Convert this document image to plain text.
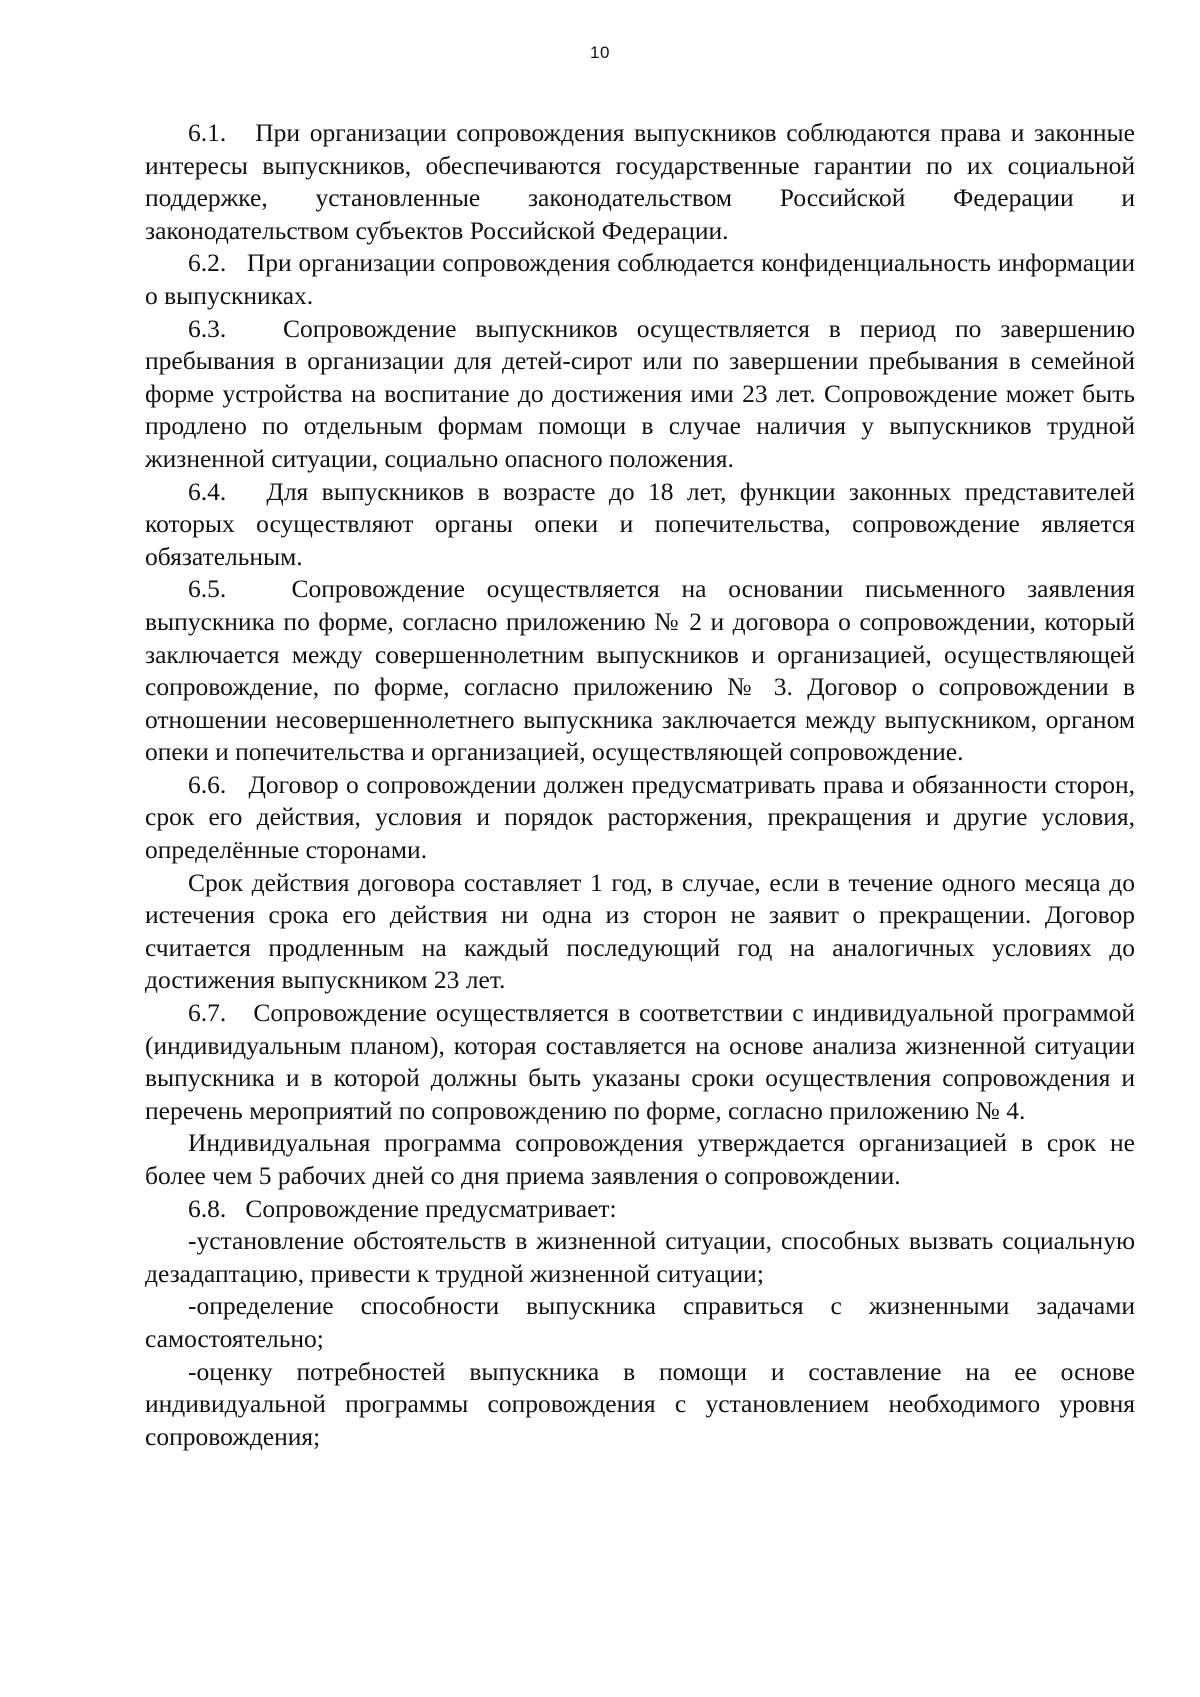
10

6.1.   При организации сопровождения выпускников соблюдаются права и законные интересы выпускников, обеспечиваются государственные гарантии по их социальной поддержке, установленные законодательством Российской Федерации и законодательством субъектов Российской Федерации.

6.2.   При организации сопровождения соблюдается конфиденциальность информации о выпускниках.

6.3.   Сопровождение выпускников осуществляется в период по завершению пребывания в организации для детей-сирот или по завершении пребывания в семейной форме устройства на воспитание до достижения ими 23 лет. Сопровождение может быть продлено по отдельным формам помощи в случае наличия у выпускников трудной жизненной ситуации, социально опасного положения.

6.4.   Для выпускников в возрасте до 18 лет, функции законных представителей которых осуществляют органы опеки и попечительства, сопровождение является обязательным.

6.5.   Сопровождение осуществляется на основании письменного заявления выпускника по форме, согласно приложению № 2 и договора о сопровождении, который заключается между совершеннолетним выпускников и организацией, осуществляющей сопровождение, по форме, согласно приложению № 3. Договор о сопровождении в отношении несовершеннолетнего выпускника заключается между выпускником, органом опеки и попечительства и организацией, осуществляющей сопровождение.

6.6.   Договор о сопровождении должен предусматривать права и обязанности сторон, срок его действия, условия и порядок расторжения, прекращения и другие условия, определённые сторонами.

Срок действия договора составляет 1 год, в случае, если в течение одного месяца до истечения срока его действия ни одна из сторон не заявит о прекращении. Договор считается продленным на каждый последующий год на аналогичных условиях до достижения выпускником 23 лет.

6.7.   Сопровождение осуществляется в соответствии с индивидуальной программой (индивидуальным планом), которая составляется на основе анализа жизненной ситуации выпускника и в которой должны быть указаны сроки осуществления сопровождения и перечень мероприятий по сопровождению по форме, согласно приложению № 4.

Индивидуальная программа сопровождения утверждается организацией в срок не более чем 5 рабочих дней со дня приема заявления о сопровождении.

6.8.   Сопровождение предусматривает:

-установление обстоятельств в жизненной ситуации, способных вызвать социальную дезадаптацию, привести к трудной жизненной ситуации;

-определение способности выпускника справиться с жизненными задачами самостоятельно;

-оценку потребностей выпускника в помощи и составление на ее основе индивидуальной программы сопровождения с установлением необходимого уровня сопровождения;
